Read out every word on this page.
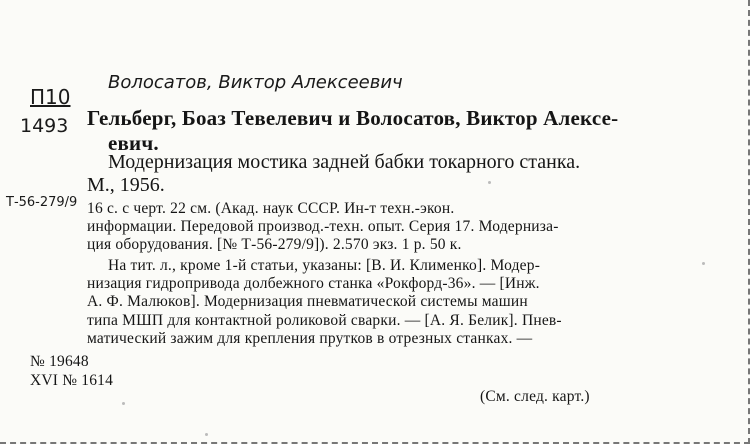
Волосатов, Виктор Алексеевич
П10
1493 Гельберг, Боаз Тевелевич и Волосатов, Виктор Алексе-
евич.
Модернизация мостика задней бабки токарного станка.
М., 1956.
Т-56-279/9 16 с. с черт. 22 см. (Акад. наук СССР. Ин-т техн.-экон.
информации. Передовой производ.-техн. опыт. Серия 17. Модерниза-
ция оборудования. [№ Т-56-279/9]). 2.570 экз. 1 р. 50 к.
На тит. л., кроме 1-й статьи, указаны: [В. И. Клименко]. Модер-
низация гидропривода долбежного станка «Рокфорд-36». — [Инж.
А. Ф. Малюков]. Модернизация пневматической системы машин
типа МШП для контактной роликовой сварки. — [А. Я. Белик]. Пнев-
матический зажим для крепления прутков в отрезных станках. —
№ 19648
XVI № 1614
(См. след. карт.)
